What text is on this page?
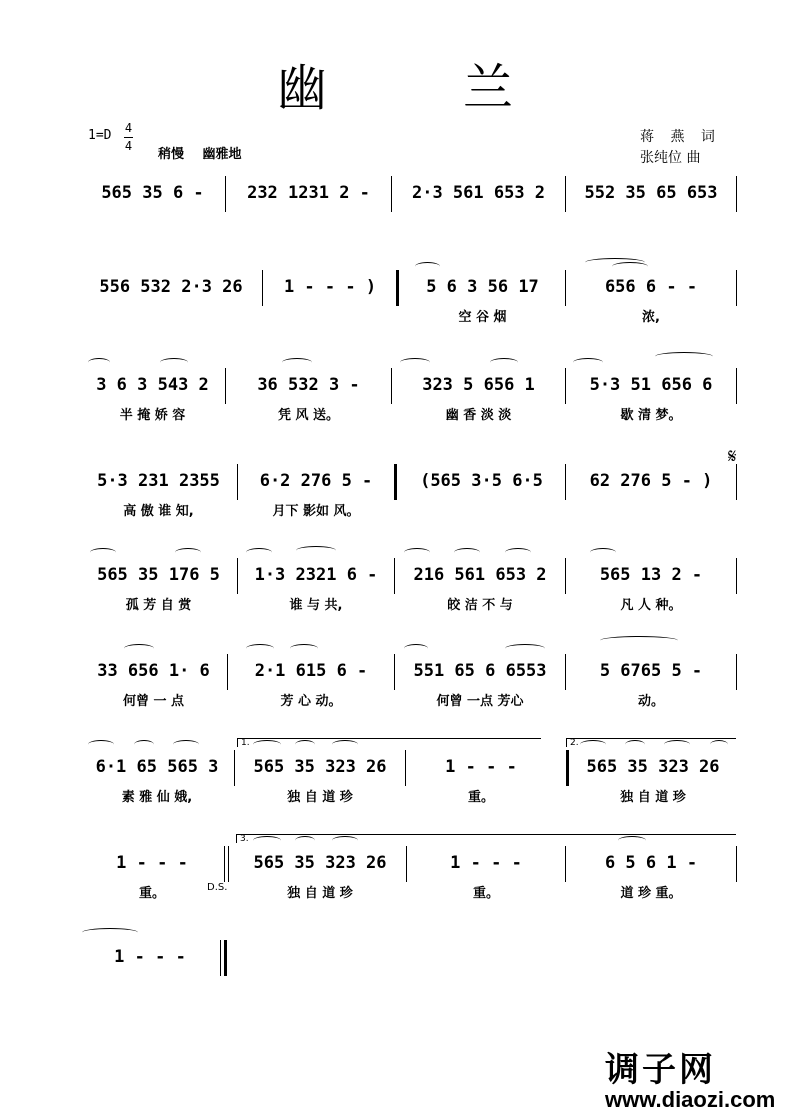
幽 兰
1=D 4
4
稍慢 幽雅地
蒋 燕 词
张纯位 曲
565 35 6 -	232 1231 2 -	2·3 561 653 2	552 35 65 653
556 532 2·3 26	1 - - - )	5 6 3 56 17
空 谷 烟
656 6 - -
浓,
3 6 3 543 2
半 掩 娇 容
36 532 3 -
凭 风 送。
323 5 656 1
幽 香 淡 淡
5·3 51 656 6
歇 清 梦。
5·3 231 2355
高 傲 谁 知,
6·2 276 5 -
月下 影如 风。
(565 3·5 6·5	62 276 5 - )
𝄋
565 35 176 5
孤 芳 自 赏
1·3 2321 6 -
谁 与 共,
216 561 653 2
皎 洁 不 与
565 13 2 -
凡 人 种。
33 656 1· 6
何曾 一 点
2·1 615 6 -
芳 心 动。
551 65 6 6553
何曾 一点 芳心
5 6765 5 -
动。
6·1 65 565 3
素 雅 仙 娥,
565 35 323 26
独 自 道 珍
1.
1 - - -
重。
565 35 323 26
独 自 道 珍
2.
1 - - -
重。	D.S.
565 35 323 26
独 自 道 珍
3.
1 - - -
重。
6 5 6 1 -
道 珍 重。
1 - - -
调子网
www.diaozi.com
